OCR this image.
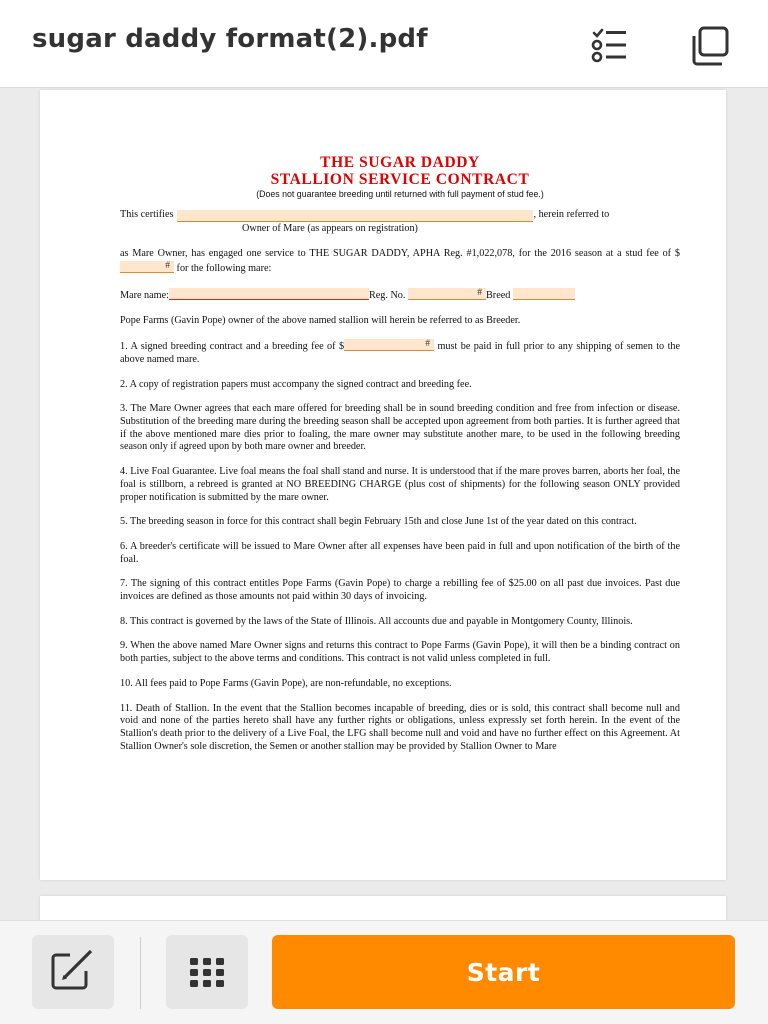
sugar daddy format(2).pdf
THE SUGAR DADDY
STALLION SERVICE CONTRACT
(Does not guarantee breeding until returned with full payment of stud fee.)
This certifies	, herein referred to
Owner of Mare (as appears on registration)

as Mare Owner, has engaged one service to THE SUGAR DADDY, APHA Reg. #1,022,078, for the 2016 season at a stud fee of $
# for the following mare:

Mare name:	Reg. No.	# Breed

Pope Farms (Gavin Pope) owner of the above named stallion will herein be referred to as Breeder.

1. A signed breeding contract and a breeding fee of $	# must be paid in full prior to any shipping of semen to the above named mare.

2. A copy of registration papers must accompany the signed contract and breeding fee.

3. The Mare Owner agrees that each mare offered for breeding shall be in sound breeding condition and free from infection or disease. Substitution of the breeding mare during the breeding season shall be accepted upon agreement from both parties. It is further agreed that if the above mentioned mare dies prior to foaling, the mare owner may substitute another mare, to be used in the following breeding season only if agreed upon by both mare owner and breeder.

4. Live Foal Guarantee. Live foal means the foal shall stand and nurse. It is understood that if the mare proves barren, aborts her foal, the foal is stillborn, a rebreed is granted at NO BREEDING CHARGE (plus cost of shipments) for the following season ONLY provided proper notification is submitted by the mare owner.

5. The breeding season in force for this contract shall begin February 15th and close June 1st of the year dated on this contract.

6. A breeder's certificate will be issued to Mare Owner after all expenses have been paid in full and upon notification of the birth of the foal.

7. The signing of this contract entitles Pope Farms (Gavin Pope) to charge a rebilling fee of $25.00 on all past due invoices. Past due invoices are defined as those amounts not paid within 30 days of invoicing.

8. This contract is governed by the laws of the State of Illinois. All accounts due and payable in Montgomery County, Illinois.

9. When the above named Mare Owner signs and returns this contract to Pope Farms (Gavin Pope), it will then be a binding contract on both parties, subject to the above terms and conditions. This contract is not valid unless completed in full.

10. All fees paid to Pope Farms (Gavin Pope), are non-refundable, no exceptions.

11. Death of Stallion. In the event that the Stallion becomes incapable of breeding, dies or is sold, this contract shall become null and void and none of the parties hereto shall have any further rights or obligations, unless expressly set forth herein. In the event of the Stallion's death prior to the delivery of a Live Foal, the LFG shall become null and void and have no further effect on this Agreement. At Stallion Owner's sole discretion, the Semen or another stallion may be provided by Stallion Owner to Mare

Start
